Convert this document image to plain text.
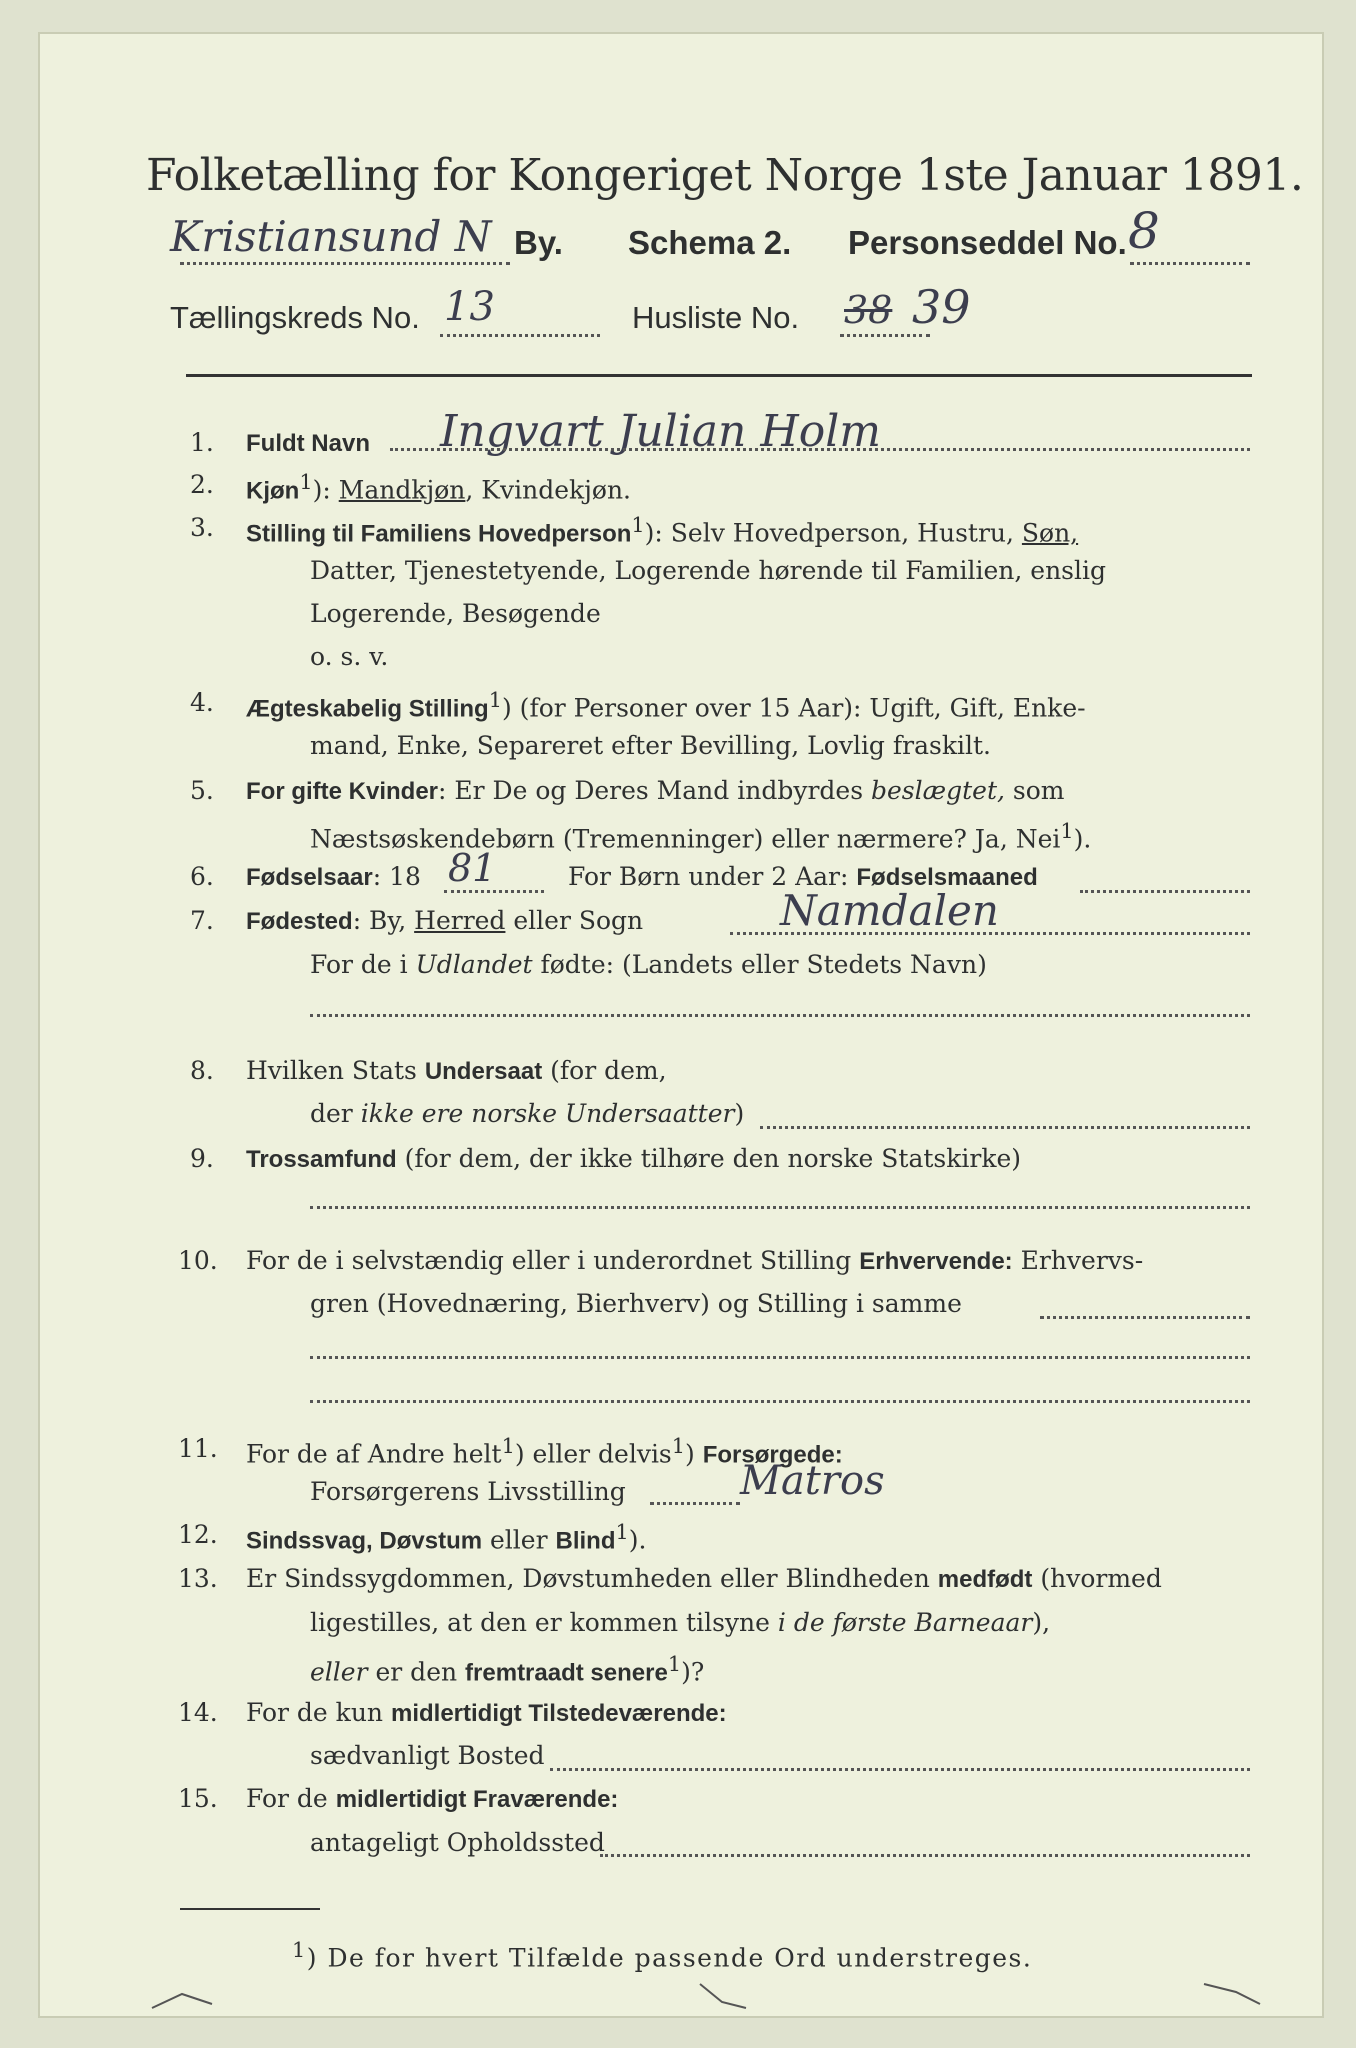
Folketælling for Kongeriget Norge 1ste Januar 1891.
Kristiansund N By. Schema 2. Personseddel No. 8
Tællingskreds No. 13	Husliste No. 38 39
1. Fuldt Navn Ingvart Julian Holm
2. Kjøn$^1$): Mandkjøn, Kvindekjøn.
3. Stilling til Familiens Hovedperson$^1$): Selv Hovedperson, Hustru, Søn,
Datter, Tjenestetyende, Logerende hørende til Familien, enslig
Logerende, Besøgende
o. s. v.
4. Ægteskabelig Stilling$^1$) (for Personer over 15 Aar): Ugift, Gift, Enke-
mand, Enke, Separeret efter Bevilling, Lovlig fraskilt.
5. For gifte Kvinder: Er De og Deres Mand indbyrdes beslægtet, som
Næstsøskendebørn (Tremenninger) eller nærmere? Ja, Nei$^1$).
6. Fødselsaar: 18 81	For Børn under 2 Aar: Fødselsmaaned
7. Fødested: By, Herred eller Sogn	Namdalen
For de i Udlandet fødte: (Landets eller Stedets Navn)
8. Hvilken Stats Undersaat (for dem,
der ikke ere norske Undersaatter)
9. Trossamfund (for dem, der ikke tilhøre den norske Statskirke)
10. For de i selvstændig eller i underordnet Stilling Erhvervende: Erhvervs-
gren (Hovednæring, Bierhverv) og Stilling i samme
11. For de af Andre helt$^1$) eller delvis$^1$) Forsørgede:
Forsørgerens Livsstilling	Matros
12. Sindssvag, Døvstum eller Blind$^1$).
13. Er Sindssygdommen, Døvstumheden eller Blindheden medfødt (hvormed
ligestilles, at den er kommen tilsyne i de første Barneaar),
eller er den fremtraadt senere$^1$)?
14. For de kun midlertidigt Tilstedeværende:
sædvanligt Bosted
15. For de midlertidigt Fraværende:
antageligt Opholdssted
$^1$) De for hvert Tilfælde passende Ord understreges.
